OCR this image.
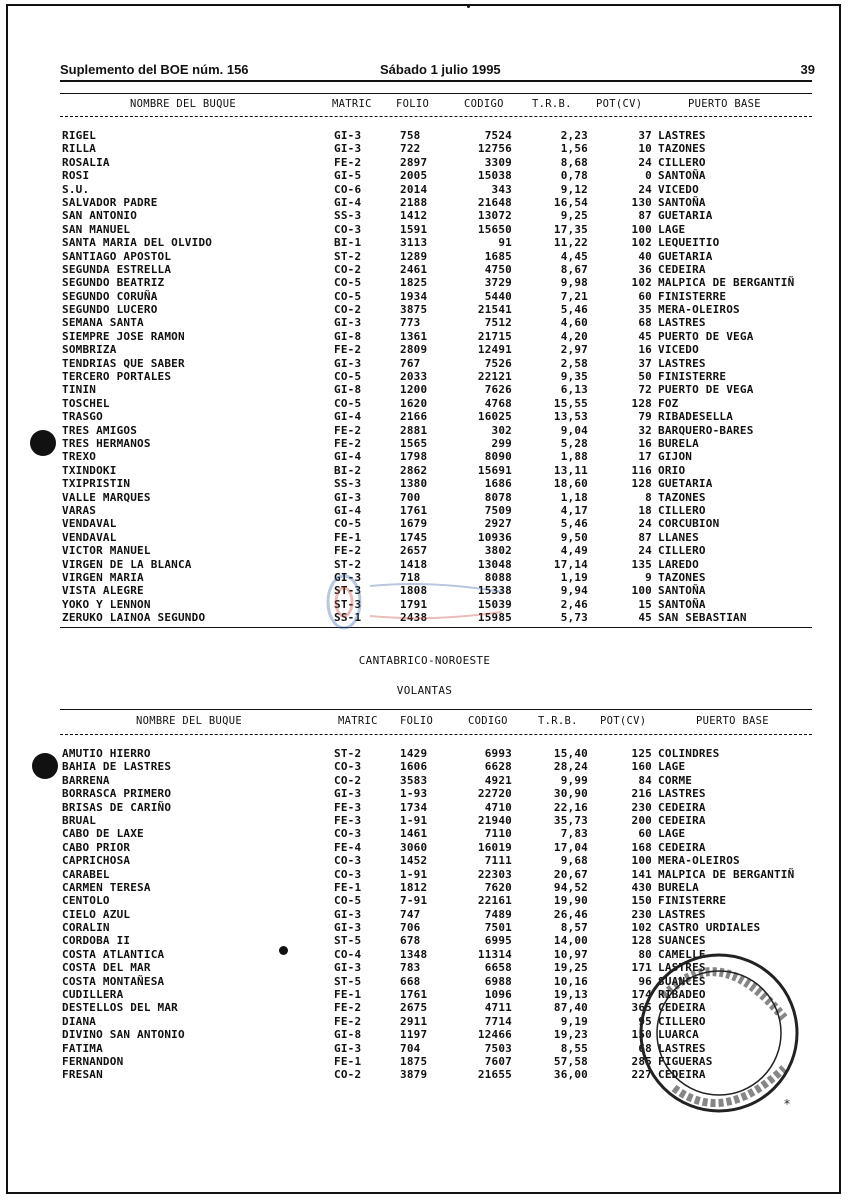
Suplemento del BOE núm. 156	Sábado 1 julio 1995	39
NOMBRE DEL BUQUE	MATRIC FOLIO	CODIGO	T.R.B. POT(CV)	PUERTO BASE
RIGEL	GI-3	758	7524	2,23	37 LASTRES
RILLA	GI-3	722	12756	1,56	10 TAZONES
ROSALIA	FE-2	2897	3309	8,68	24 CILLERO
ROSI	GI-5	2005	15038	0,78	0 SANTOÑA
S.U.	CO-6	2014	343	9,12	24 VICEDO
SALVADOR PADRE	GI-4	2188	21648	16,54	130 SANTOÑA
SAN ANTONIO	SS-3	1412	13072	9,25	87 GUETARIA
SAN MANUEL	CO-3	1591	15650	17,35	100 LAGE
SANTA MARIA DEL OLVIDO	BI-1	3113	91	11,22	102 LEQUEITIO
SANTIAGO APOSTOL	ST-2	1289	1685	4,45	40 GUETARIA
SEGUNDA ESTRELLA	CO-2	2461	4750	8,67	36 CEDEIRA
SEGUNDO BEATRIZ	CO-5	1825	3729	9,98	102 MALPICA DE BERGANTIÑ
SEGUNDO CORUÑA	CO-5	1934	5440	7,21	60 FINISTERRE
SEGUNDO LUCERO	CO-2	3875	21541	5,46	35 MERA-OLEIROS
SEMANA SANTA	GI-3	773	7512	4,60	68 LASTRES
SIEMPRE JOSE RAMON	GI-8	1361	21715	4,20	45 PUERTO DE VEGA
SOMBRIZA	FE-2	2809	12491	2,97	16 VICEDO
TENDRIAS QUE SABER	GI-3	767	7526	2,58	37 LASTRES
TERCERO PORTALES	CO-5	2033	22121	9,35	50 FINISTERRE
TININ	GI-8	1200	7626	6,13	72 PUERTO DE VEGA
TOSCHEL	CO-5	1620	4768	15,55	128 FOZ
TRASGO	GI-4	2166	16025	13,53	79 RIBADESELLA
TRES AMIGOS	FE-2	2881	302	9,04	32 BARQUERO-BARES
TRES HERMANOS	FE-2	1565	299	5,28	16 BURELA
TREXO	GI-4	1798	8090	1,88	17 GIJON
TXINDOKI	BI-2	2862	15691	13,11	116 ORIO
TXIPRISTIN	SS-3	1380	1686	18,60	128 GUETARIA
VALLE MARQUES	GI-3	700	8078	1,18	8 TAZONES
VARAS	GI-4	1761	7509	4,17	18 CILLERO
VENDAVAL	CO-5	1679	2927	5,46	24 CORCUBION
VENDAVAL	FE-1	1745	10936	9,50	87 LLANES
VICTOR MANUEL	FE-2	2657	3802	4,49	24 CILLERO
VIRGEN DE LA BLANCA	ST-2	1418	13048	17,14	135 LAREDO
VIRGEN MARIA	GI-3	718	8088	1,19	9 TAZONES
VISTA ALEGRE	ST-3	1808	15338	9,94	100 SANTOÑA
YOKO Y LENNON	ST-3	1791	15039	2,46	15 SANTOÑA
ZERUKO LAINOA SEGUNDO	SS-1	2438	15985	5,73	45 SAN SEBASTIAN
CANTABRICO-NOROESTE
VOLANTAS
NOMBRE DEL BUQUE	MATRIC FOLIO	CODIGO	T.R.B. POT(CV)	PUERTO BASE
AMUTIO HIERRO	ST-2	1429	6993	15,40	125 COLINDRES
BAHIA DE LASTRES	CO-3	1606	6628	28,24	160 LAGE
BARRENA	CO-2	3583	4921	9,99	84 CORME
BORRASCA PRIMERO	GI-3	1-93	22720	30,90	216 LASTRES
BRISAS DE CARIÑO	FE-3	1734	4710	22,16	230 CEDEIRA
BRUAL	FE-3	1-91	21940	35,73	200 CEDEIRA
CABO DE LAXE	CO-3	1461	7110	7,83	60 LAGE
CABO PRIOR	FE-4	3060	16019	17,04	168 CEDEIRA
CAPRICHOSA	CO-3	1452	7111	9,68	100 MERA-OLEIROS
CARABEL	CO-3	1-91	22303	20,67	141 MALPICA DE BERGANTIÑ
CARMEN TERESA	FE-1	1812	7620	94,52	430 BURELA
CENTOLO	CO-5	7-91	22161	19,90	150 FINISTERRE
CIELO AZUL	GI-3	747	7489	26,46	230 LASTRES
CORALIN	GI-3	706	7501	8,57	102 CASTRO URDIALES
CORDOBA II	ST-5	678	6995	14,00	128 SUANCES
COSTA ATLANTICA	CO-4	1348	11314	10,97	80 CAMELLE
COSTA DEL MAR	GI-3	783	6658	19,25	171 LASTRES
COSTA MONTAÑESA	ST-5	668	6988	10,16	96 SUANCES
CUDILLERA	FE-1	1761	1096	19,13	174 RIBADEO
DESTELLOS DEL MAR	FE-2	2675	4711	87,40	365 CEDEIRA
DIANA	FE-2	2911	7714	9,19	95 CILLERO
DIVINO SAN ANTONIO	GI-8	1197	12466	19,23	150 LUARCA
FATIMA	GI-3	704	7503	8,55	68 LASTRES
FERNANDON	FE-1	1875	7607	57,58	285 FIGUERAS
FRESAN	CO-2	3879	21655	36,00	227 CEDEIRA
*
